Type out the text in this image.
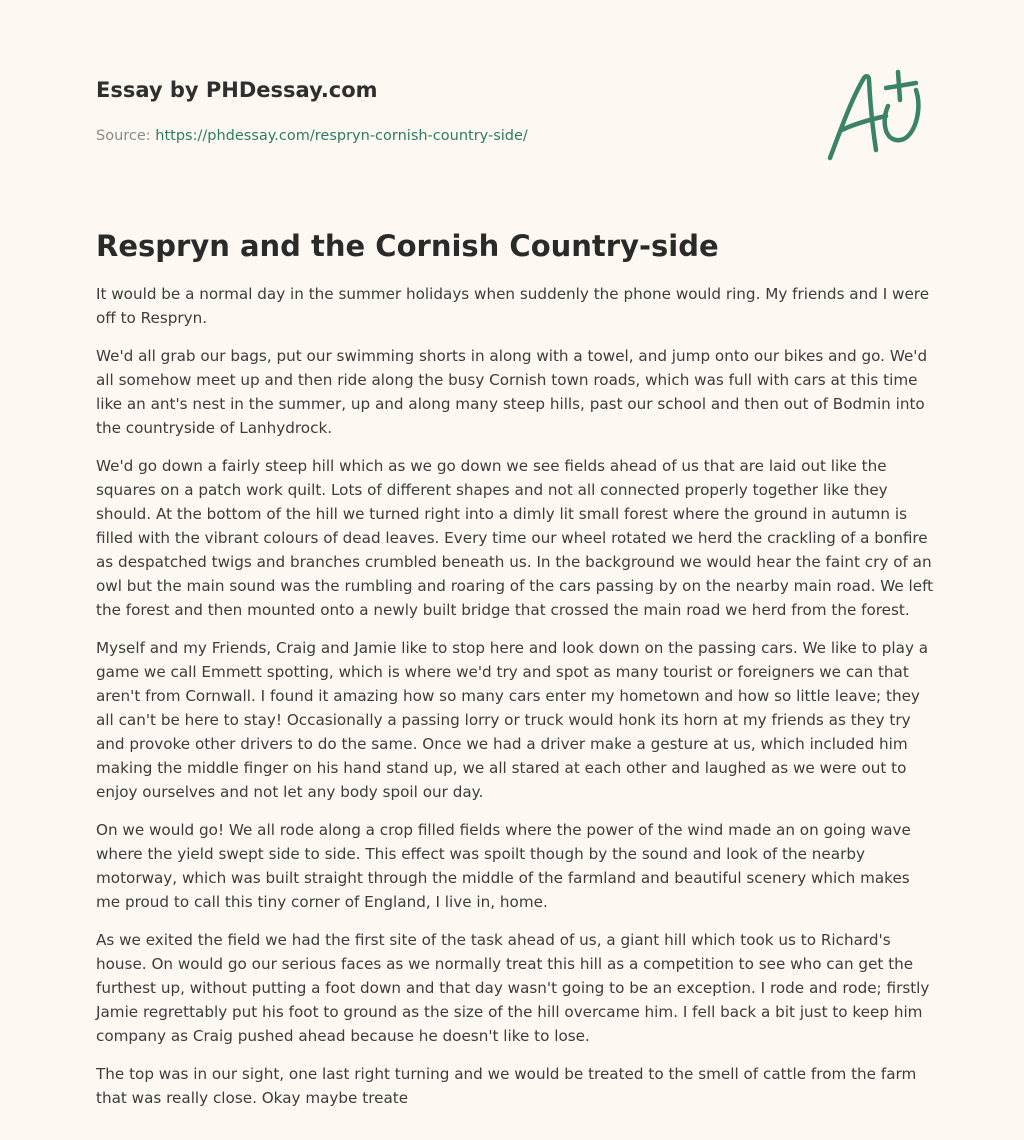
Essay by PHDessay.com
Source: https://phdessay.com/respryn-cornish-country-side/
Respryn and the Cornish Country-side

It would be a normal day in the summer holidays when suddenly the phone would ring. My friends and I were off to Respryn.

We'd all grab our bags, put our swimming shorts in along with a towel, and jump onto our bikes and go. We'd all somehow meet up and then ride along the busy Cornish town roads, which was full with cars at this time like an ant's nest in the summer, up and along many steep hills, past our school and then out of Bodmin into the countryside of Lanhydrock.

We'd go down a fairly steep hill which as we go down we see fields ahead of us that are laid out like the squares on a patch work quilt. Lots of different shapes and not all connected properly together like they should. At the bottom of the hill we turned right into a dimly lit small forest where the ground in autumn is filled with the vibrant colours of dead leaves. Every time our wheel rotated we herd the crackling of a bonfire as despatched twigs and branches crumbled beneath us. In the background we would hear the faint cry of an owl but the main sound was the rumbling and roaring of the cars passing by on the nearby main road. We left the forest and then mounted onto a newly built bridge that crossed the main road we herd from the forest.

Myself and my Friends, Craig and Jamie like to stop here and look down on the passing cars. We like to play a game we call Emmett spotting, which is where we'd try and spot as many tourist or foreigners we can that aren't from Cornwall. I found it amazing how so many cars enter my hometown and how so little leave; they all can't be here to stay! Occasionally a passing lorry or truck would honk its horn at my friends as they try and provoke other drivers to do the same. Once we had a driver make a gesture at us, which included him making the middle finger on his hand stand up, we all stared at each other and laughed as we were out to enjoy ourselves and not let any body spoil our day.

On we would go! We all rode along a crop filled fields where the power of the wind made an on going wave where the yield swept side to side. This effect was spoilt though by the sound and look of the nearby motorway, which was built straight through the middle of the farmland and beautiful scenery which makes me proud to call this tiny corner of England, I live in, home.

As we exited the field we had the first site of the task ahead of us, a giant hill which took us to Richard's house. On would go our serious faces as we normally treat this hill as a competition to see who can get the furthest up, without putting a foot down and that day wasn't going to be an exception. I rode and rode; firstly Jamie regrettably put his foot to ground as the size of the hill overcame him. I fell back a bit just to keep him company as Craig pushed ahead because he doesn't like to lose.

The top was in our sight, one last right turning and we would be treated to the smell of cattle from the farm that was really close. Okay maybe treate
